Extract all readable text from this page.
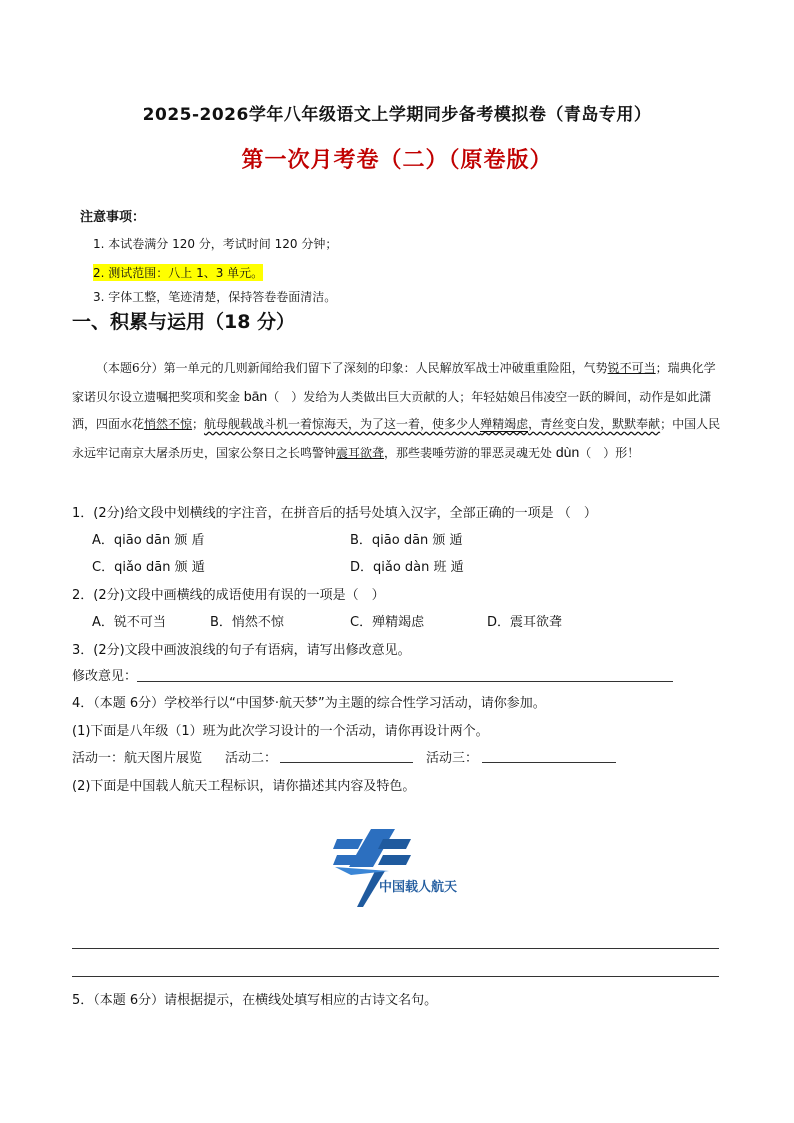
2025-2026学年八年级语文上学期同步备考模拟卷（青岛专用）
第一次月考卷（二）（原卷版）
注意事项：
1. 本试卷满分 120 分，考试时间 120 分钟；
2. 测试范围：八上 1、3 单元。
3. 字体工整，笔迹清楚，保持答卷卷面清洁。
一、积累与运用（18 分）
（本题6分）第一单元的几则新闻给我们留下了深刻的印象：人民解放军战士冲破重重险阻，气势锐不可当；瑞典化学家诺贝尔设立遗嘱把奖项和奖金 bān（　）发给为人类做出巨大贡献的人；年轻姑娘吕伟凌空一跃的瞬间，动作是如此潇洒，四面水花悄然不惊；航母舰载战斗机一着惊海天，为了这一着，使多少人殚精竭虑，青丝变白发，默默奉献；中国人民永远牢记南京大屠杀历史，国家公祭日之长鸣警钟震耳欲聋，那些裴唾劳游的罪恶灵魂无处 dùn（　）形！
1．(2分)给文段中划横线的字注音，在拼音后的括号处填入汉字，全部正确的一项是 （　）
A．qiāo dān 颁 盾	B．qiāo dān 颁 遁
C．qiǎo dān 颁 遁	D．qiǎo dàn 班 遁
2．(2分)文段中画横线的成语使用有误的一项是（　）
A．锐不可当	B．悄然不惊	C．殚精竭虑	D．震耳欲聋
3．(2分)文段中画波浪线的句子有语病，请写出修改意见。
修改意见：
4．（本题 6分）学校举行以“中国梦·航天梦”为主题的综合性学习活动，请你参加。
(1)下面是八年级（1）班为此次学习设计的一个活动，请你再设计两个。
活动一：航天图片展览 活动二：	活动三：
(2)下面是中国载人航天工程标识，请你描述其内容及特色。
中国载人航天
5．（本题 6分）请根据提示，在横线处填写相应的古诗文名句。
